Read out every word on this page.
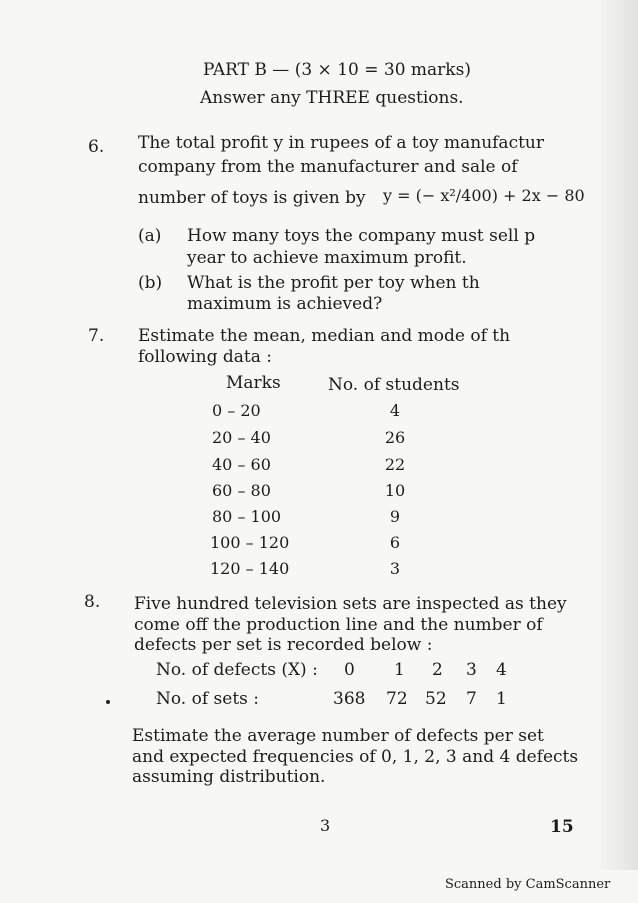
PART B — (3 × 10 = 30 marks)
Answer any THREE questions.
6. The total profit y in rupees of a toy manufactur
company from the manufacturer and sale of
number of toys is given by y = (− x²/400) + 2x − 80
(a) How many toys the company must sell p
year to achieve maximum profit.
(b) What is the profit per toy when th
maximum is achieved?
7. Estimate the mean, median and mode of th
following data :
Marks	No. of students
0 – 20	4
20 – 40	26
40 – 60	22
60 – 80	10
80 – 100	9
100 – 120	6
120 – 140	3
8. Five hundred television sets are inspected as they
come off the production line and the number of
defects per set is recorded below :
No. of defects (X) : 0 1 2 3 4
No. of sets :	368 72 52 7 1
Estimate the average number of defects per set
and expected frequencies of 0, 1, 2, 3 and 4 defects
assuming distribution.
3	15
Scanned by CamScanner
